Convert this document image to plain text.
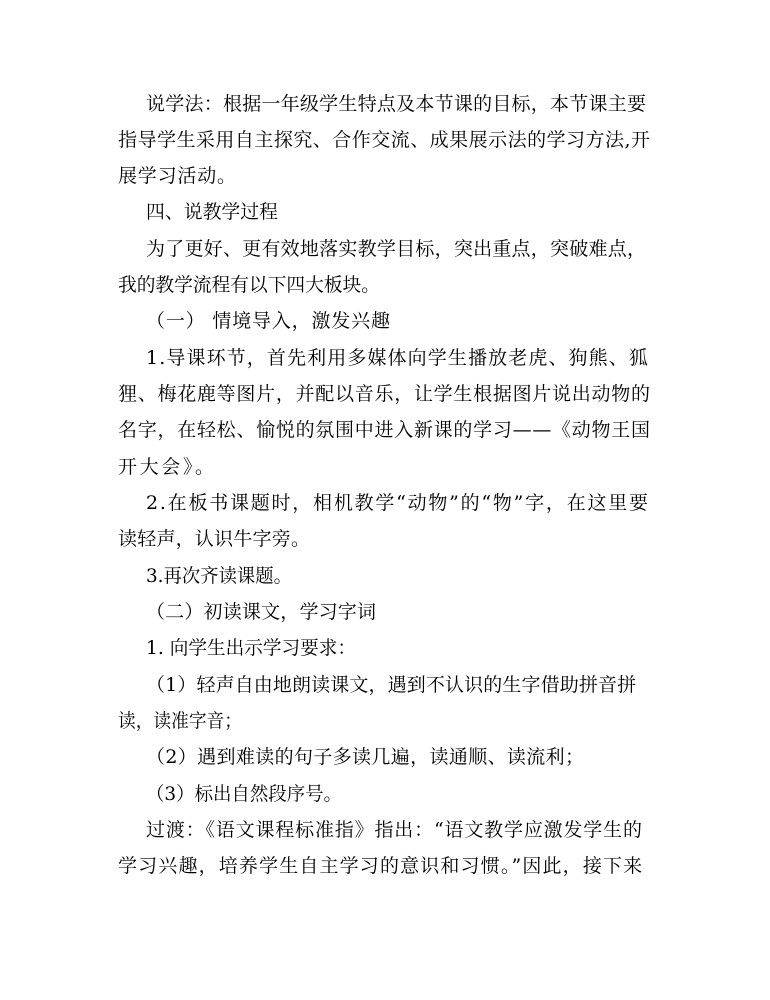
说学法：根据一年级学生特点及本节课的目标，本节课主要

指导学生采用自主探究、合作交流、成果展示法的学习方法,开

展学习活动。

四、说教学过程

为了更好、更有效地落实教学目标，突出重点，突破难点，

我的教学流程有以下四大板块。

（一） 情境导入，激发兴趣

1.导课环节，首先利用多媒体向学生播放老虎、狗熊、狐

狸、梅花鹿等图片，并配以音乐，让学生根据图片说出动物的

名字，在轻松、愉悦的氛围中进入新课的学习——《动物王国

开大会》。

2.在板书课题时，相机教学“动物”的“物”字，在这里要

读轻声，认识牛字旁。

3.再次齐读课题。

（二）初读课文，学习字词

1. 向学生出示学习要求：

（1）轻声自由地朗读课文，遇到不认识的生字借助拼音拼

读，读准字音；

（2）遇到难读的句子多读几遍，读通顺、读流利；

（3）标出自然段序号。

过渡：《语文课程标准指》指出：“语文教学应激发学生的

学习兴趣，培养学生自主学习的意识和习惯。”因此，接下来
